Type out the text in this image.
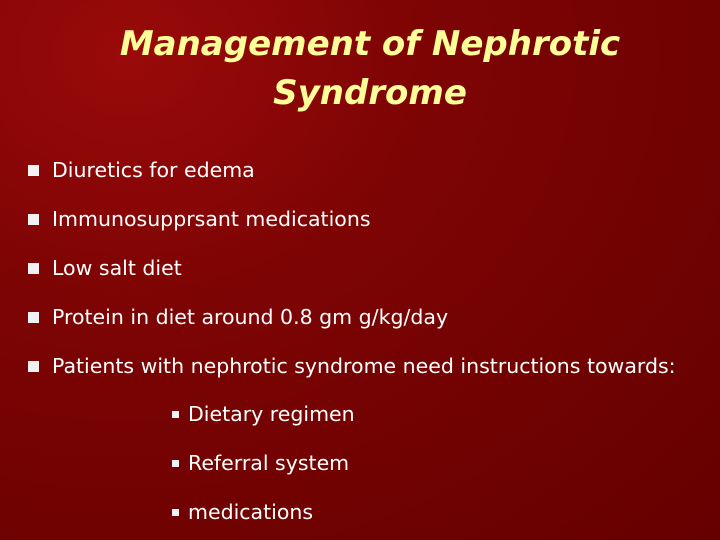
Management of Nephrotic Syndrome
Diuretics for edema
Immunosupprsant medications
Low salt diet
Protein in diet around 0.8 gm g/kg/day
Patients with nephrotic syndrome need instructions towards:
Dietary regimen
Referral system
medications
